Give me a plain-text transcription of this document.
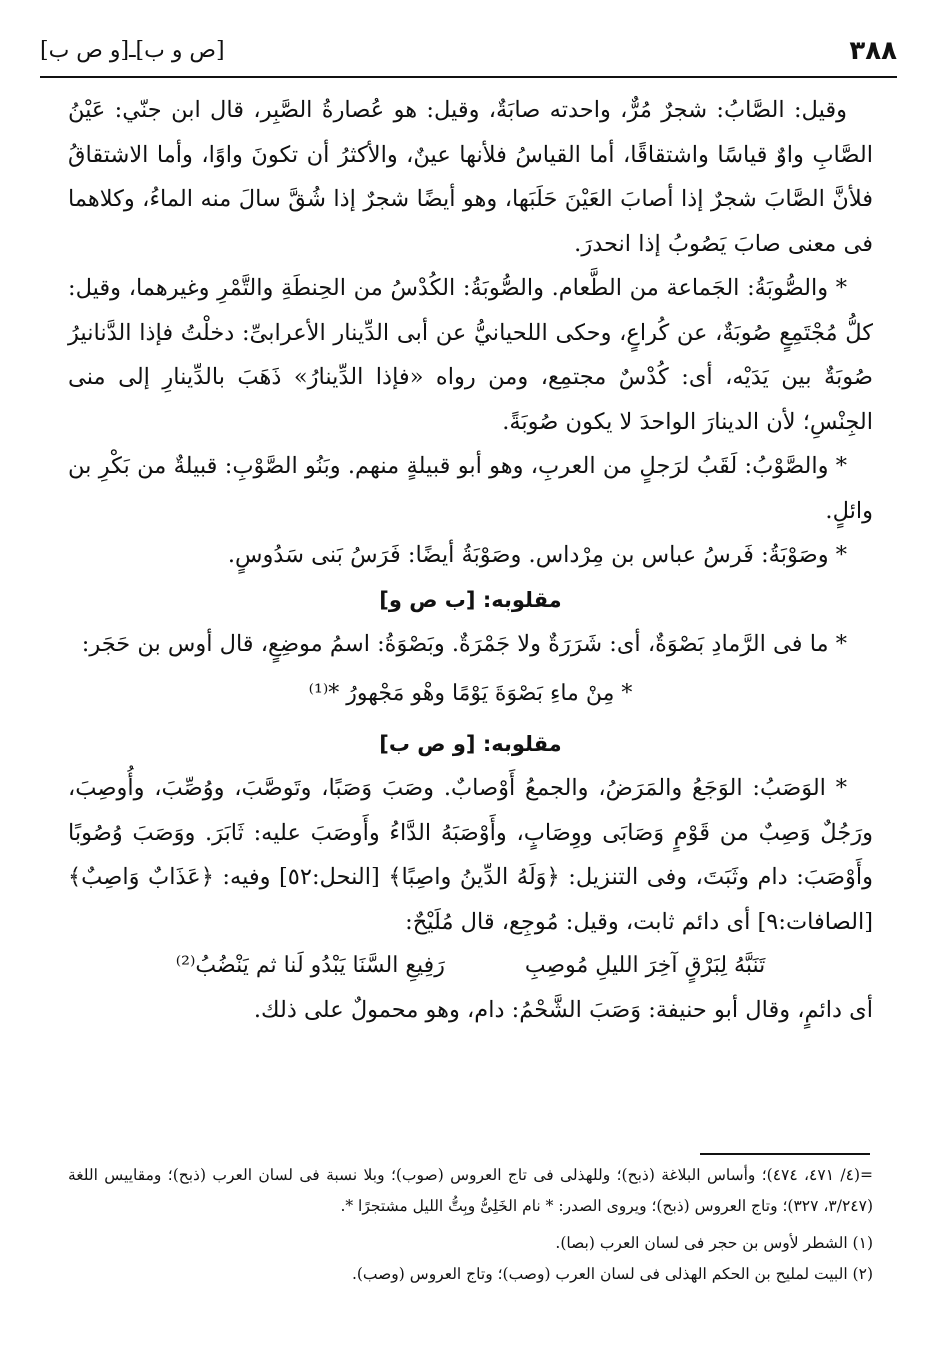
٣٨٨
[ص و ب]ـ[و ص ب]

وقيل: الصَّابُ: شجرٌ مُرٌّ، واحدته صابَةٌ، وقيل: هو عُصارةُ الصَّبِر، قال ابن جنّي: عَيْنُ الصَّابِ واوٌ قياسًا واشتقاقًا، أما القياسُ فلأنها عينٌ، والأكثرُ أن تكونَ واوًا، وأما الاشتقاقُ فلأنَّ الصَّابَ شجرٌ إذا أصابَ العَيْنَ حَلَبَها، وهو أيضًا شجرٌ إذا شُقَّ سالَ منه الماءُ، وكلاهما فى معنى صابَ يَصُوبُ إذا انحدرَ.

* والصُّوبَةُ: الجَماعة من الطَّعام. والصُّوبَةُ: الكُدْسُ من الحِنطَةِ والتَّمْرِ وغيرهما، وقيل: كلُّ مُجْتَمِعٍ صُوبَةٌ، عن كُراعٍ، وحكى اللحيانيُّ عن أبى الدِّينار الأعرابىِّ: دخلْتُ فإذا الدَّنانيرُ صُوبَةٌ بين يَدَيْه، أى: كُدْسٌ مجتمِع، ومن رواه «فإذا الدِّينارُ» ذَهَبَ بالدِّينارِ إلى منى الجِنْسِ؛ لأن الدينارَ الواحدَ لا يكون صُوبَةً.

* والصَّوْبُ: لَقَبُ لرَجلٍ من العربِ، وهو أبو قبيلةٍ منهم. وبَنُو الصَّوْبِ: قبيلةٌ من بَكْرِ بن وائلٍ.

* وصَوْبَةُ: فَرسُ عباس بن مِرْداس. وصَوْبَةُ أيضًا: فَرَسُ بَنى سَدُوسٍ.

مقلوبه: [ب ص و]

* ما فى الرَّمادِ بَصْوَةٌ، أى: شَرَرَةٌ ولا جَمْرَةٌ. وبَصْوَةُ: اسمُ موضِعٍ، قال أوس بن حَجَر:

* مِنْ ماءِ بَصْوَةَ يَوْمًا وهْو مَجْهورُ *⁽¹⁾

مقلوبه: [و ص ب]

* الوَصَبُ: الوَجَعُ والمَرَضُ، والجمعُ أَوْصابٌ. وصَبَ وَصَبًا، وتَوصَّبَ، ووُصِّبَ، وأُوصِبَ، ورَجُلٌ وَصِبٌ من قَوْمٍ وَصَابَى ووِصَابٍ، وأَوْصَبَهُ الدَّاءُ وأَوصَبَ عليه: ثَابَرَ. ووَصَبَ وُصُوبًا وأَوْصَبَ: دام وثَبَتَ، وفى التنزيل: ﴿وَلَهُ الدِّينُ واصِبًا﴾ [النحل:٥٢] وفيه: ﴿عَذَابٌ وَاصِبٌ﴾ [الصافات:٩] أى دائم ثابت، وقيل: مُوجِع، قال مُلَيْحٌ:

تَنَبَّهُ لِبَرْقٍ آخِرَ الليلِ مُوصِبِ
رَفِيعِ السَّنَا يَبْدُو لَنا ثم يَنْضُبُ⁽²⁾

أى دائمٍ، وقال أبو حنيفة: وَصَبَ الشَّحْمُ: دام، وهو محمولٌ على ذلك.

=(٤/ ٤٧١، ٤٧٤)؛ وأساس البلاغة (ذبح)؛ وللهذلى فى تاج العروس (صوب)؛ وبلا نسبة فى لسان العرب (ذبح)؛ ومقاييس اللغة (٣/٢٤٧، ٣٢٧)؛ وتاج العروس (ذبح)؛ ويروى الصدر: * نام الخَلِىُّ وبِتُّ الليل مشتجرًا *.

(١) الشطر لأوس بن حجر فى لسان العرب (بصا).

(٢) البيت لمليح بن الحكم الهذلى فى لسان العرب (وصب)؛ وتاج العروس (وصب).
